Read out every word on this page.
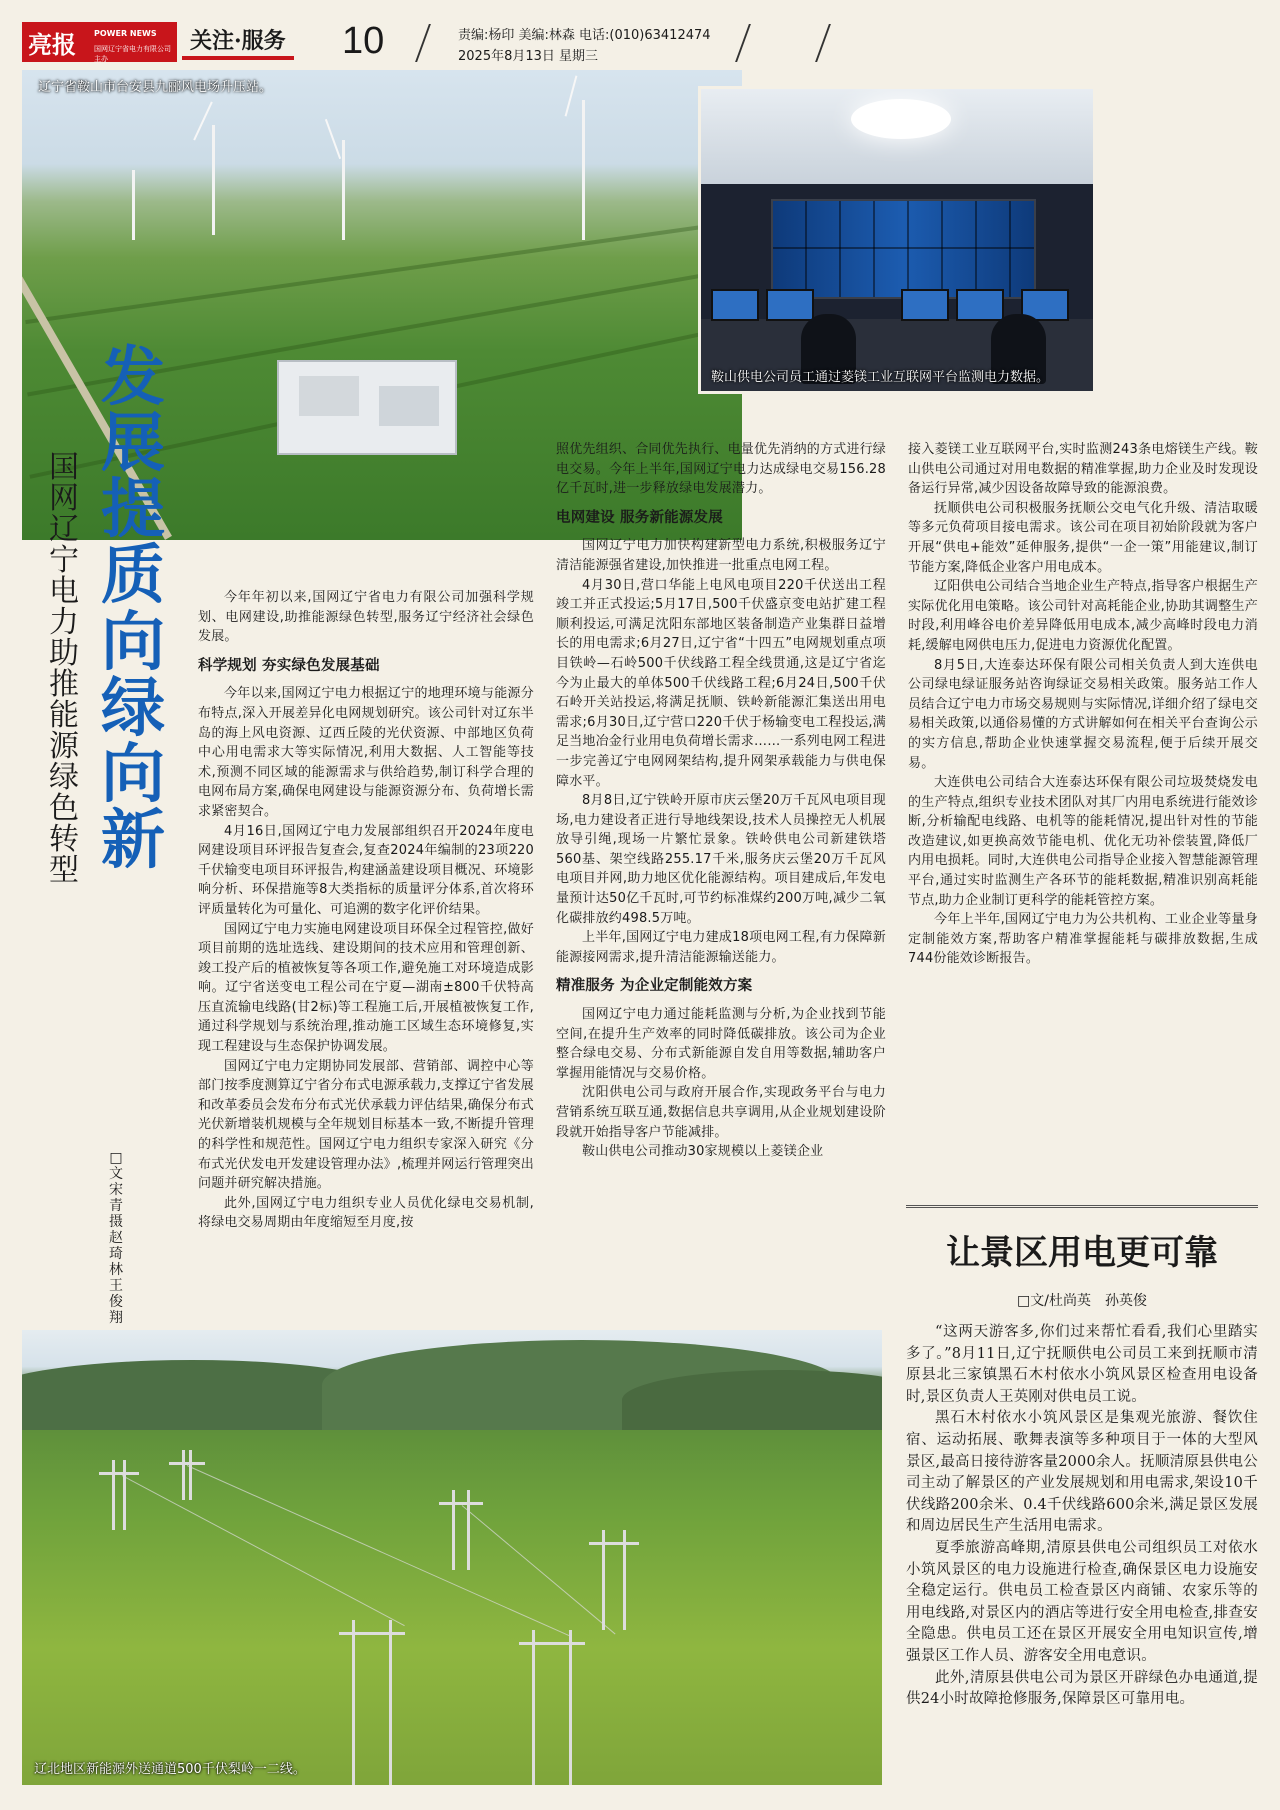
亮报 POWER NEWS
国网辽宁省电力有限公司主办
关注·服务 10	责编:杨印 美编:林森 电话:(010)63412474
2025年8月13日 星期三
辽宁省鞍山市台安县九郦风电场升压站。
鞍山供电公司员工通过菱镁工业互联网平台监测电力数据。
发展提质
向绿向新
国网辽宁电力助推能源绿色转型
□文 宋青　摄 赵琦林　王俊翔

今年年初以来,国网辽宁省电力有限公司加强科学规划、电网建设,助推能源绿色转型,服务辽宁经济社会绿色发展。

科学规划 夯实绿色发展基础

今年以来,国网辽宁电力根据辽宁的地理环境与能源分布特点,深入开展差异化电网规划研究。该公司针对辽东半岛的海上风电资源、辽西丘陵的光伏资源、中部地区负荷中心用电需求大等实际情况,利用大数据、人工智能等技术,预测不同区域的能源需求与供给趋势,制订科学合理的电网布局方案,确保电网建设与能源资源分布、负荷增长需求紧密契合。

4月16日,国网辽宁电力发展部组织召开2024年度电网建设项目环评报告复查会,复查2024年编制的23项220千伏输变电项目环评报告,构建涵盖建设项目概况、环境影响分析、环保措施等8大类指标的质量评分体系,首次将环评质量转化为可量化、可追溯的数字化评价结果。

国网辽宁电力实施电网建设项目环保全过程管控,做好项目前期的选址选线、建设期间的技术应用和管理创新、竣工投产后的植被恢复等各项工作,避免施工对环境造成影响。辽宁省送变电工程公司在宁夏—湖南±800千伏特高压直流输电线路(甘2标)等工程施工后,开展植被恢复工作,通过科学规划与系统治理,推动施工区域生态环境修复,实现工程建设与生态保护协调发展。

国网辽宁电力定期协同发展部、营销部、调控中心等部门按季度测算辽宁省分布式电源承载力,支撑辽宁省发展和改革委员会发布分布式光伏承载力评估结果,确保分布式光伏新增装机规模与全年规划目标基本一致,不断提升管理的科学性和规范性。国网辽宁电力组织专家深入研究《分布式光伏发电开发建设管理办法》,梳理并网运行管理突出问题并研究解决措施。

此外,国网辽宁电力组织专业人员优化绿电交易机制,将绿电交易周期由年度缩短至月度,按

照优先组织、合同优先执行、电量优先消纳的方式进行绿电交易。今年上半年,国网辽宁电力达成绿电交易156.28亿千瓦时,进一步释放绿电发展潜力。

电网建设 服务新能源发展

国网辽宁电力加快构建新型电力系统,积极服务辽宁清洁能源强省建设,加快推进一批重点电网工程。

4月30日,营口华能上电风电项目220千伏送出工程竣工并正式投运;5月17日,500千伏盛京变电站扩建工程顺利投运,可满足沈阳东部地区装备制造产业集群日益增长的用电需求;6月27日,辽宁省“十四五”电网规划重点项目铁岭—石岭500千伏线路工程全线贯通,这是辽宁省迄今为止最大的单体500千伏线路工程;6月24日,500千伏石岭开关站投运,将满足抚顺、铁岭新能源汇集送出用电需求;6月30日,辽宁营口220千伏于杨输变电工程投运,满足当地冶金行业用电负荷增长需求……一系列电网工程进一步完善辽宁电网网架结构,提升网架承载能力与供电保障水平。

8月8日,辽宁铁岭开原市庆云堡20万千瓦风电项目现场,电力建设者正进行导地线架设,技术人员操控无人机展放导引绳,现场一片繁忙景象。铁岭供电公司新建铁塔560基、架空线路255.17千米,服务庆云堡20万千瓦风电项目并网,助力地区优化能源结构。项目建成后,年发电量预计达50亿千瓦时,可节约标准煤约200万吨,减少二氧化碳排放约498.5万吨。

上半年,国网辽宁电力建成18项电网工程,有力保障新能源接网需求,提升清洁能源输送能力。

精准服务 为企业定制能效方案

国网辽宁电力通过能耗监测与分析,为企业找到节能空间,在提升生产效率的同时降低碳排放。该公司为企业整合绿电交易、分布式新能源自发自用等数据,辅助客户掌握用能情况与交易价格。

沈阳供电公司与政府开展合作,实现政务平台与电力营销系统互联互通,数据信息共享调用,从企业规划建设阶段就开始指导客户节能减排。

鞍山供电公司推动30家规模以上菱镁企业

接入菱镁工业互联网平台,实时监测243条电熔镁生产线。鞍山供电公司通过对用电数据的精准掌握,助力企业及时发现设备运行异常,减少因设备故障导致的能源浪费。

抚顺供电公司积极服务抚顺公交电气化升级、清洁取暖等多元负荷项目接电需求。该公司在项目初始阶段就为客户开展“供电+能效”延伸服务,提供“一企一策”用能建议,制订节能方案,降低企业客户用电成本。

辽阳供电公司结合当地企业生产特点,指导客户根据生产实际优化用电策略。该公司针对高耗能企业,协助其调整生产时段,利用峰谷电价差异降低用电成本,减少高峰时段电力消耗,缓解电网供电压力,促进电力资源优化配置。

8月5日,大连泰达环保有限公司相关负责人到大连供电公司绿电绿证服务站咨询绿证交易相关政策。服务站工作人员结合辽宁电力市场交易规则与实际情况,详细介绍了绿电交易相关政策,以通俗易懂的方式讲解如何在相关平台查询公示的实方信息,帮助企业快速掌握交易流程,便于后续开展交易。

大连供电公司结合大连泰达环保有限公司垃圾焚烧发电的生产特点,组织专业技术团队对其厂内用电系统进行能效诊断,分析输配电线路、电机等的能耗情况,提出针对性的节能改造建议,如更换高效节能电机、优化无功补偿装置,降低厂内用电损耗。同时,大连供电公司指导企业接入智慧能源管理平台,通过实时监测生产各环节的能耗数据,精准识别高耗能节点,助力企业制订更科学的能耗管控方案。

今年上半年,国网辽宁电力为公共机构、工业企业等量身定制能效方案,帮助客户精准掌握能耗与碳排放数据,生成744份能效诊断报告。

让景区用电更可靠
□文/杜尚英　孙英俊

“这两天游客多,你们过来帮忙看看,我们心里踏实多了。”8月11日,辽宁抚顺供电公司员工来到抚顺市清原县北三家镇黑石木村依水小筑风景区检查用电设备时,景区负责人王英刚对供电员工说。

黑石木村依水小筑风景区是集观光旅游、餐饮住宿、运动拓展、歌舞表演等多种项目于一体的大型风景区,最高日接待游客量2000余人。抚顺清原县供电公司主动了解景区的产业发展规划和用电需求,架设10千伏线路200余米、0.4千伏线路600余米,满足景区发展和周边居民生产生活用电需求。

夏季旅游高峰期,清原县供电公司组织员工对依水小筑风景区的电力设施进行检查,确保景区电力设施安全稳定运行。供电员工检查景区内商铺、农家乐等的用电线路,对景区内的酒店等进行安全用电检查,排查安全隐患。供电员工还在景区开展安全用电知识宣传,增强景区工作人员、游客安全用电意识。

此外,清原县供电公司为景区开辟绿色办电通道,提供24小时故障抢修服务,保障景区可靠用电。

辽北地区新能源外送通道500千伏梨岭一二线。
